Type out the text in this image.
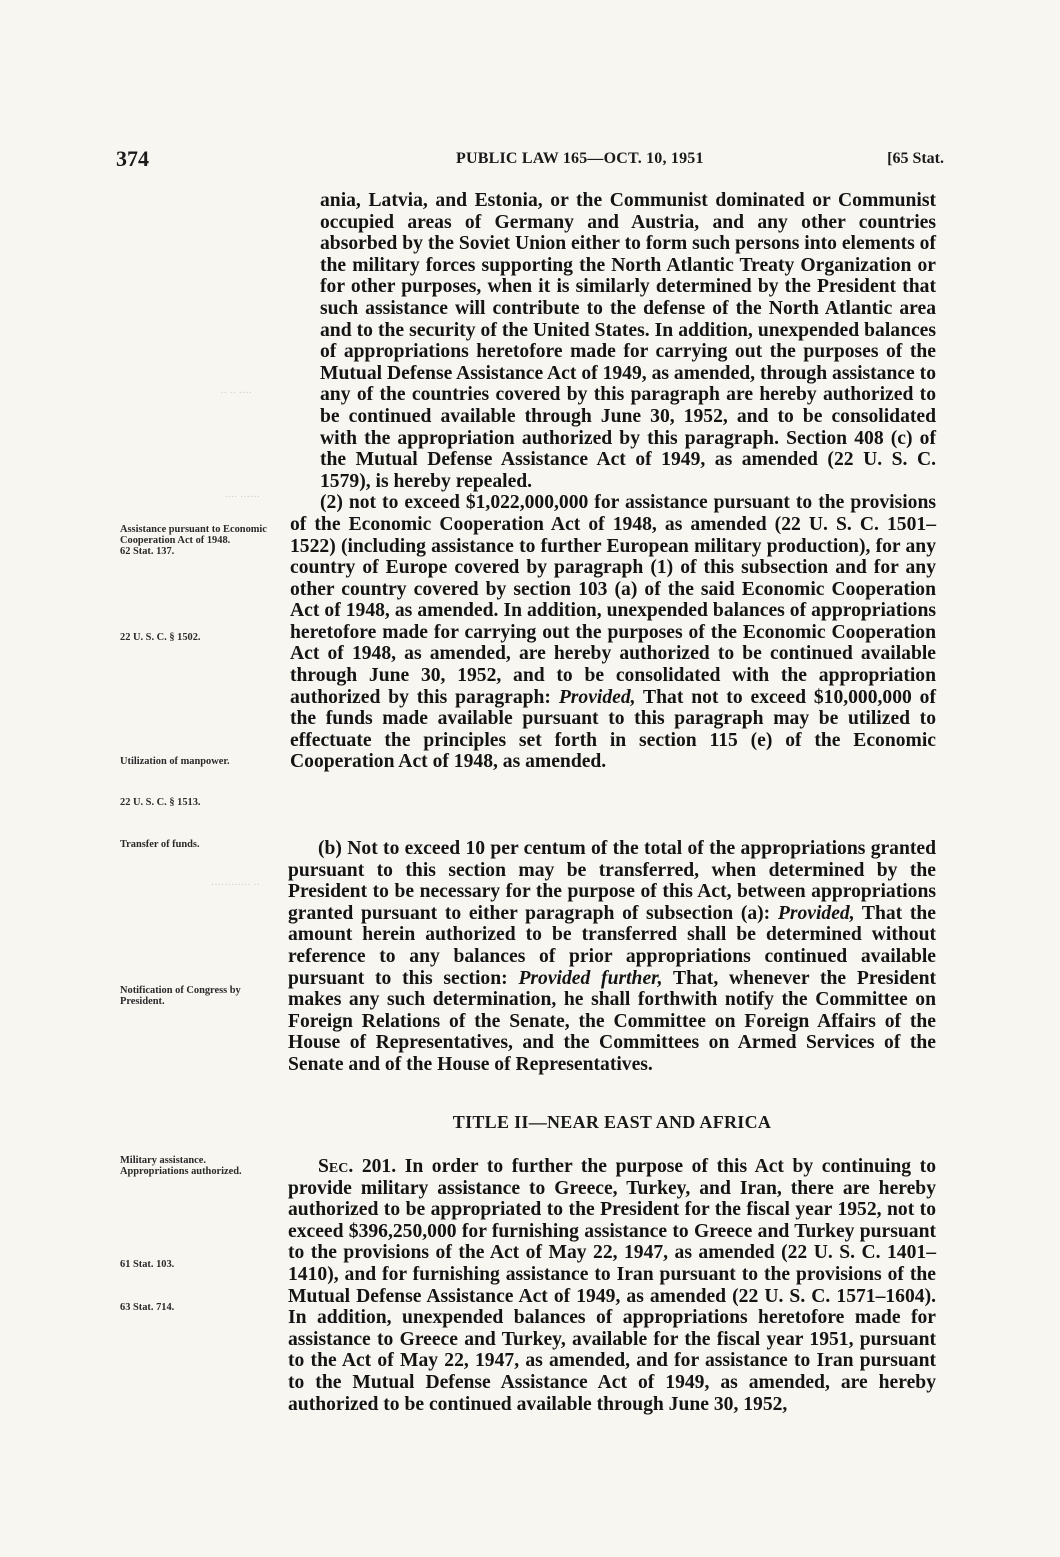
374	PUBLIC LAW 165—OCT. 10, 1951	[65 Stat.
·· ·· ····
···· ······
············ ··
Assistance pursuant to Economic Cooperation Act of 1948.
62 Stat. 137.
22 U. S. C. § 1502.
Utilization of manpower.
22 U. S. C. § 1513.
Transfer of funds.
Notification of Congress by President.
Military assistance. Appropriations authorized.
61 Stat. 103.
63 Stat. 714.

ania, Latvia, and Estonia, or the Communist dominated or Communist occupied areas of Germany and Austria, and any other countries absorbed by the Soviet Union either to form such persons into elements of the military forces supporting the North Atlantic Treaty Organization or for other purposes, when it is similarly determined by the President that such assistance will contribute to the defense of the North Atlantic area and to the security of the United States. In addition, unexpended balances of appropriations heretofore made for carrying out the purposes of the Mutual Defense Assistance Act of 1949, as amended, through assistance to any of the countries covered by this paragraph are hereby authorized to be continued available through June 30, 1952, and to be consolidated with the appropriation authorized by this paragraph. Section 408 (c) of the Mutual Defense Assistance Act of 1949, as amended (22 U. S. C. 1579), is hereby repealed.

(2) not to exceed $1,022,000,000 for assistance pursuant to the provisions of the Economic Cooperation Act of 1948, as amended (22 U. S. C. 1501–1522) (including assistance to further European military production), for any country of Europe covered by paragraph (1) of this subsection and for any other country covered by section 103 (a) of the said Economic Cooperation Act of 1948, as amended. In addition, unexpended balances of appropriations heretofore made for carrying out the purposes of the Economic Cooperation Act of 1948, as amended, are hereby authorized to be continued available through June 30, 1952, and to be consolidated with the appropriation authorized by this paragraph: Provided, That not to exceed $10,000,000 of the funds made available pursuant to this paragraph may be utilized to effectuate the principles set forth in section 115 (e) of the Economic Cooperation Act of 1948, as amended.

(b) Not to exceed 10 per centum of the total of the appropriations granted pursuant to this section may be transferred, when determined by the President to be necessary for the purpose of this Act, between appropriations granted pursuant to either paragraph of subsection (a): Provided, That the amount herein authorized to be transferred shall be determined without reference to any balances of prior appropriations continued available pursuant to this section: Provided further, That, whenever the President makes any such determination, he shall forthwith notify the Committee on Foreign Relations of the Senate, the Committee on Foreign Affairs of the House of Representatives, and the Committees on Armed Services of the Senate and of the House of Representatives.

TITLE II—NEAR EAST AND AFRICA

Sec. 201. In order to further the purpose of this Act by continuing to provide military assistance to Greece, Turkey, and Iran, there are hereby authorized to be appropriated to the President for the fiscal year 1952, not to exceed $396,250,000 for furnishing assistance to Greece and Turkey pursuant to the provisions of the Act of May 22, 1947, as amended (22 U. S. C. 1401–1410), and for furnishing assistance to Iran pursuant to the provisions of the Mutual Defense Assistance Act of 1949, as amended (22 U. S. C. 1571–1604). In addition, unexpended balances of appropriations heretofore made for assistance to Greece and Turkey, available for the fiscal year 1951, pursuant to the Act of May 22, 1947, as amended, and for assistance to Iran pursuant to the Mutual Defense Assistance Act of 1949, as amended, are hereby authorized to be continued available through June 30, 1952,
